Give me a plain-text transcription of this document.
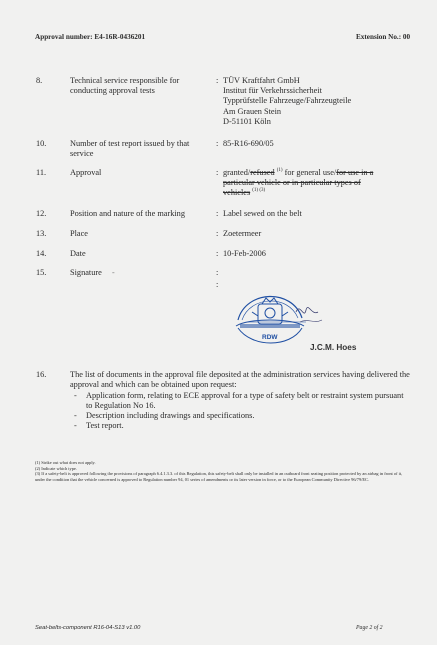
Approval number: E4-16R-0436201	Extension No.: 00
8.	Technical service responsible for
conducting approval tests
: TÜV Kraftfahrt GmbH
Institut für Verkehrssicherheit
Typprüfstelle Fahrzeuge/Fahrzeugteile
Am Grauen Stein
D-51101 Köln
10.	Number of test report issued by that
service
: 85-R16-690/05
11.	Approval	: granted/refused $^{(1)}$ for general use/for use in a
particular vehicle or in particular types of
vehicles $^{(1) (3)}$
12.	Position and nature of the marking	: Label sewed on the belt
13.	Place	: Zoetermeer
14.	Date	: 10-Feb-2006
15.	Signature -	:
:
RDW
J.C.M. Hoes
16.	The list of documents in the approval file deposited at the administration services having delivered the approval and which can be obtained upon request:
- Application form, relating to ECE approval for a type of safety belt or restraint system pursuant to Regulation No 16.
- Description including drawings and specifications.
- Test report.
(1) Strike out what does not apply.
(2) Indicate which type.
(3) If a safety-belt is approved following the provisions of paragraph 6.4.1.3.3. of this Regulation, this safety-belt shall only be installed in an outboard front seating position protected by an airbag in front of it, under the condition that the vehicle concerned is approved to Regulation number 94, 01 series of amendments or its later version in force, or to the European Community Directive 96/79/EC.
Seat-belts-component R16-04-S13 v1.00	Page 2 of 2
